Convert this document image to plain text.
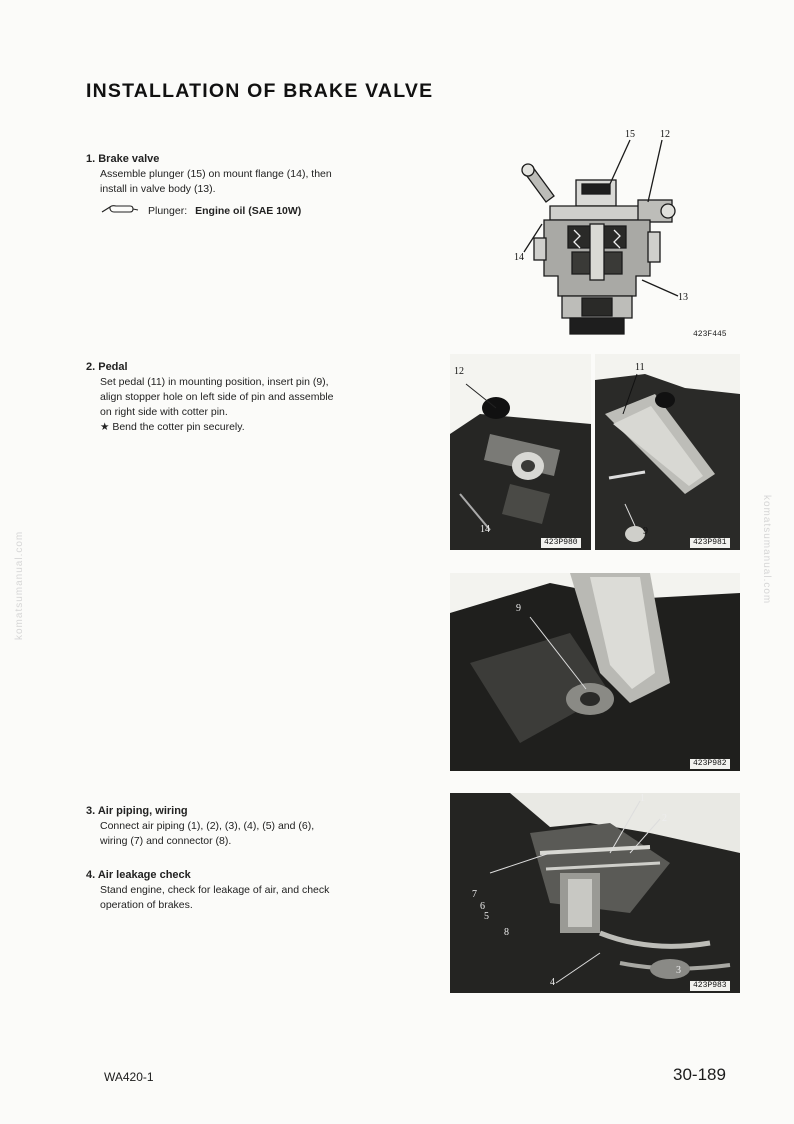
INSTALLATION OF BRAKE VALVE
1. Brake valve
Assemble plunger (15) on mount flange (14), then
install in valve body (13).
Plunger: Engine oil (SAE 10W)
15	12
14
13
423F445
2. Pedal
Set pedal (11) in mounting position, insert pin (9),
align stopper hole on left side of pin and assemble
on right side with cotter pin.
★ Bend the cotter pin securely.
12
14
423P980
11
9
423P981
9
423P982
3. Air piping, wiring
Connect air piping (1), (2), (3), (4), (5) and (6),
wiring (7) and connector (8).
4. Air leakage check
Stand engine, check for leakage of air, and check
operation of brakes.
1
7
6
5
8
3
4
2
423P983
komatsumanual.com	komatsumanual.com
WA420-1	30-189
